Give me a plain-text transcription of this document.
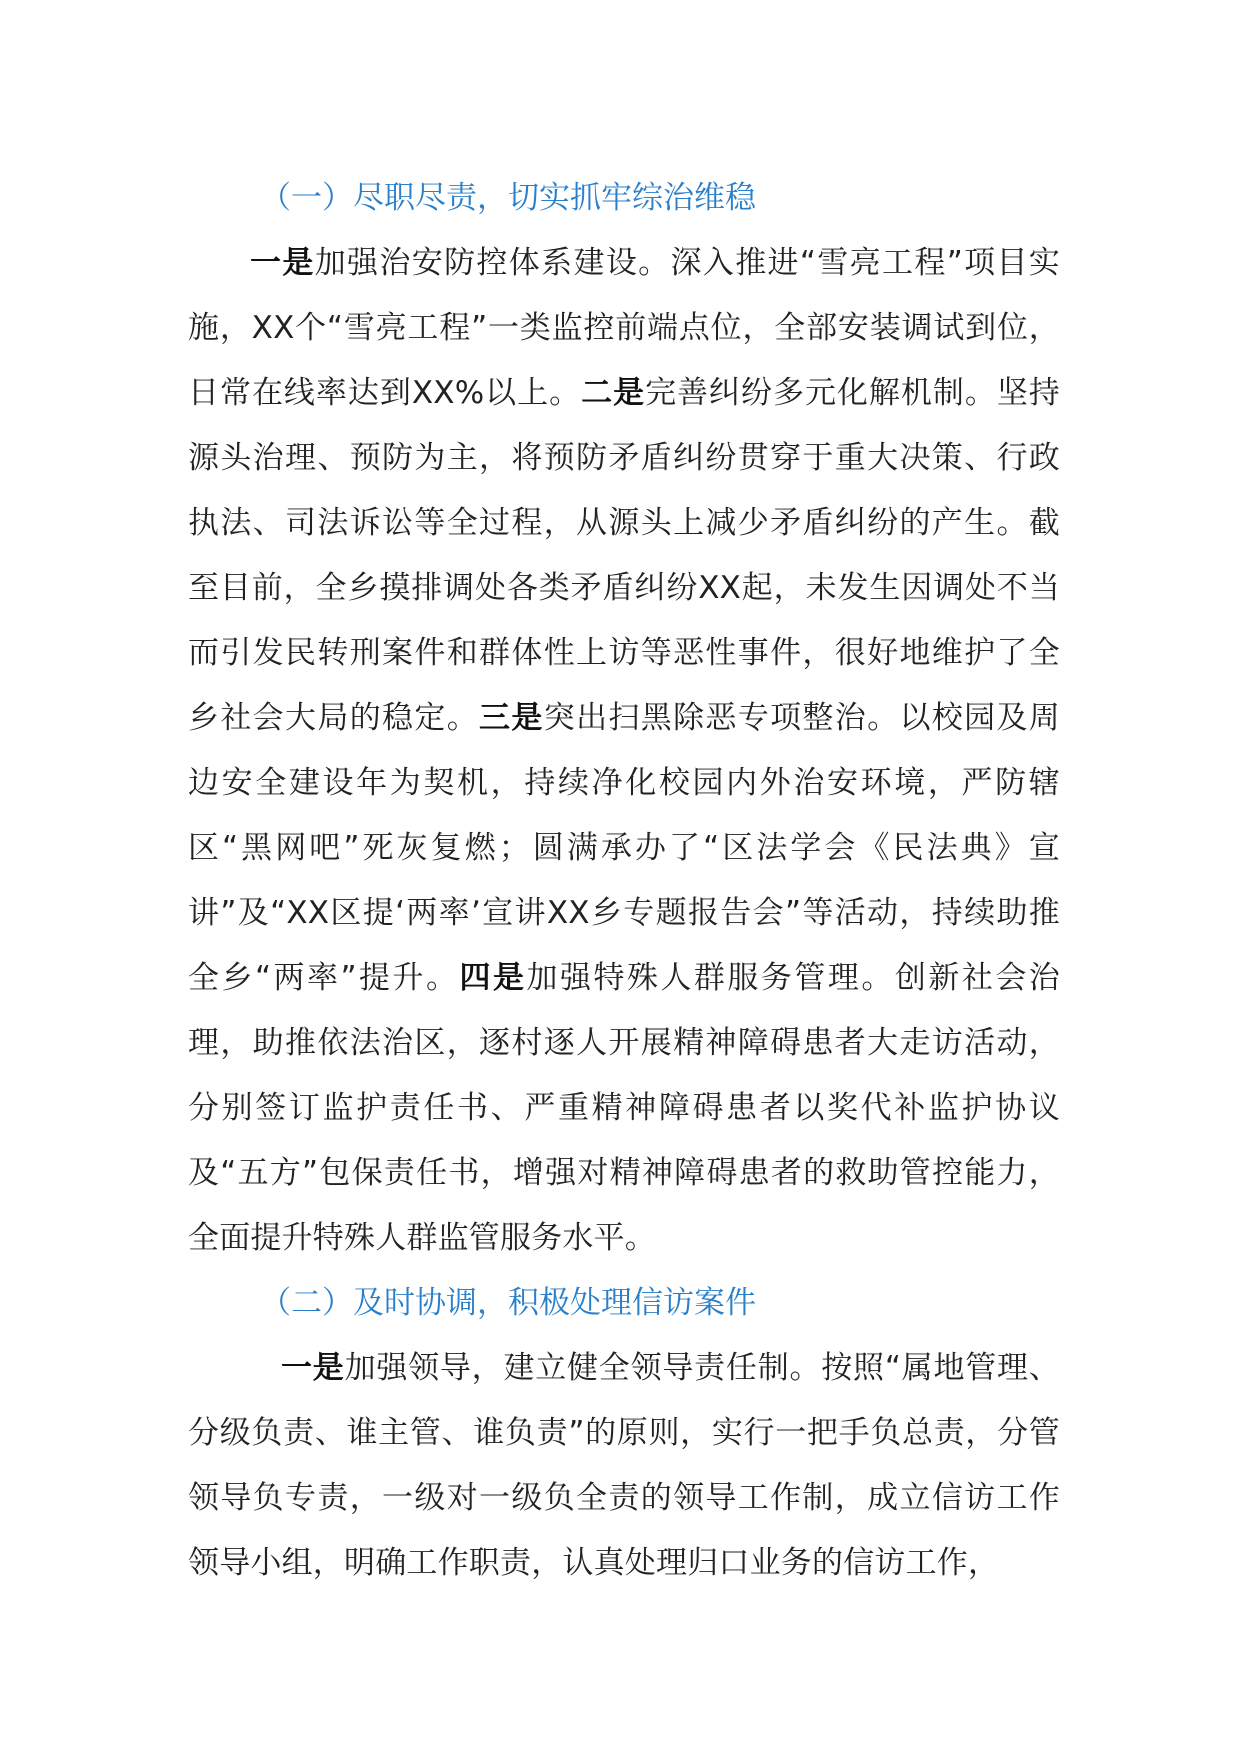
（一）尽职尽责，切实抓牢综治维稳

一是加强治安防控体系建设。深入推进“雪亮工程”项目实施，XX个“雪亮工程”一类监控前端点位，全部安装调试到位，日常在线率达到XX%以上。二是完善纠纷多元化解机制。坚持源头治理、预防为主，将预防矛盾纠纷贯穿于重大决策、行政执法、司法诉讼等全过程，从源头上减少矛盾纠纷的产生。截至目前，全乡摸排调处各类矛盾纠纷XX起，未发生因调处不当而引发民转刑案件和群体性上访等恶性事件，很好地维护了全乡社会大局的稳定。三是突出扫黑除恶专项整治。以校园及周边安全建设年为契机，持续净化校园内外治安环境，严防辖区“黑网吧”死灰复燃；圆满承办了“区法学会《民法典》宣讲”及“XX区提‘两率’宣讲XX乡专题报告会”等活动，持续助推全乡“两率”提升。四是加强特殊人群服务管理。创新社会治理，助推依法治区，逐村逐人开展精神障碍患者大走访活动，分别签订监护责任书、严重精神障碍患者以奖代补监护协议及“五方”包保责任书，增强对精神障碍患者的救助管控能力，全面提升特殊人群监管服务水平。

（二）及时协调，积极处理信访案件

一是加强领导，建立健全领导责任制。按照“属地管理、分级负责、谁主管、谁负责”的原则，实行一把手负总责，分管领导负专责，一级对一级负全责的领导工作制，成立信访工作领导小组，明确工作职责，认真处理归口业务的信访工作，
